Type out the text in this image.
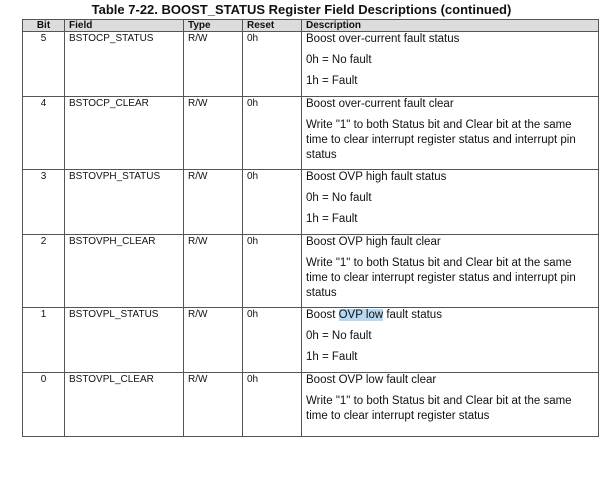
Table 7-22. BOOST_STATUS Register Field Descriptions (continued)
Bit	Field	Type	Reset	Description
5	BSTOCP_STATUS	R/W	0h	Boost over-current fault status

0h = No fault

1h = Fault

4	BSTOCP_CLEAR	R/W	0h	Boost over-current fault clear

Write "1" to both Status bit and Clear bit at the same time to clear interrupt register status and interrupt pin status

3	BSTOVPH_STATUS	R/W	0h	Boost OVP high fault status

0h = No fault

1h = Fault

2	BSTOVPH_CLEAR	R/W	0h	Boost OVP high fault clear

Write "1" to both Status bit and Clear bit at the same time to clear interrupt register status and interrupt pin status

1	BSTOVPL_STATUS	R/W	0h	Boost OVP low fault status

0h = No fault

1h = Fault

0	BSTOVPL_CLEAR	R/W	0h	Boost OVP low fault clear

Write "1" to both Status bit and Clear bit at the same time to clear interrupt register status
